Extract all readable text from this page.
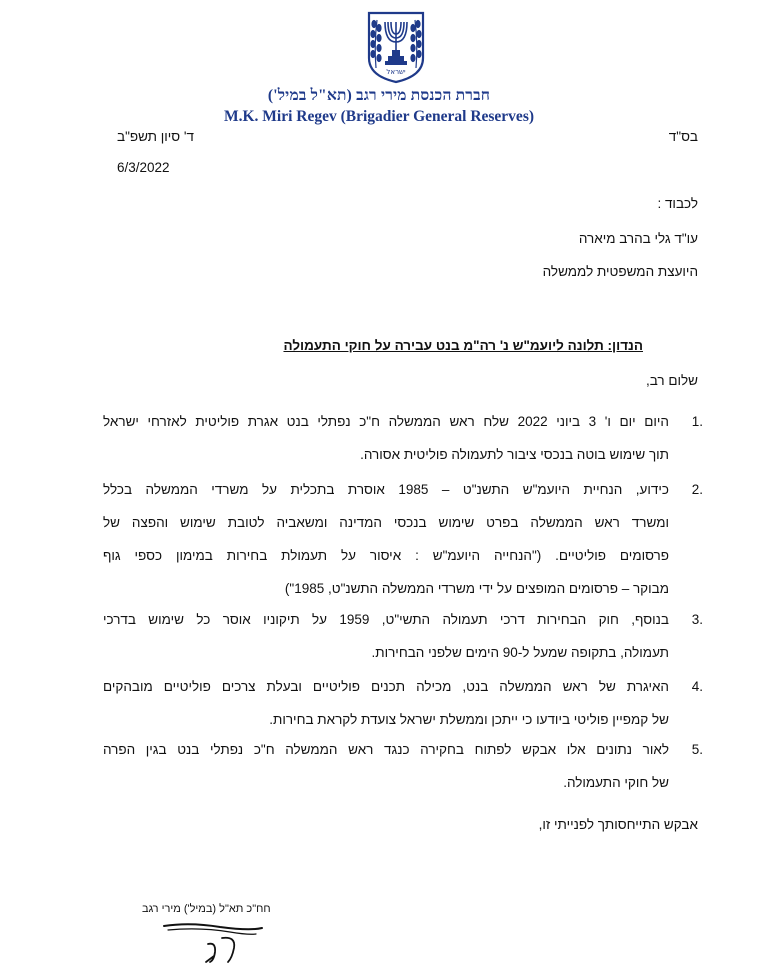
ישראל
חברת הכנסת מירי רגב (תא"ל במיל')
M.K. Miri Regev (Brigadier General Reserves)
בס"ד
ד' סיון תשפ"ב
6/3/2022
לכבוד :
עו"ד גלי בהרב מיארה
היועצת המשפטית לממשלה
הנדון: תלונה ליועמ"ש נ' רה"מ בנט עבירה על חוקי התעמולה
שלום רב,
1.
היום יום ו' 3 ביוני 2022 שלח ראש הממשלה ח"כ נפתלי בנט אגרת פוליטית לאזרחי ישראל
תוך שימוש בוטה בנכסי ציבור לתעמולה פוליטית אסורה.
2.
כידוע, הנחיית היועמ"ש התשנ"ט – 1985 אוסרת בתכלית על משרדי הממשלה בכלל
ומשרד ראש הממשלה בפרט שימוש בנכסי המדינה ומשאביה לטובת שימוש והפצה של
פרסומים פוליטיים. ("הנחייה היועמ"ש : איסור על תעמולת בחירות במימון כספי גוף
מבוקר – פרסומים המופצים על ידי משרדי הממשלה התשנ"ט, 1985")
3.
בנוסף, חוק הבחירות דרכי תעמולה התשי"ט, 1959 על תיקוניו אוסר כל שימוש בדרכי
תעמולה, בתקופה שמעל ל-90 הימים שלפני הבחירות.
4.
האיגרת של ראש הממשלה בנט, מכילה תכנים פוליטיים ובעלת צרכים פוליטיים מובהקים
של קמפיין פוליטי ביודעו כי ייתכן וממשלת ישראל צועדת לקראת בחירות.
5.
לאור נתונים אלו אבקש לפתוח בחקירה כנגד ראש הממשלה ח"כ נפתלי בנט בגין הפרה
של חוקי התעמולה.
אבקש התייחסותך לפנייתי זו,
חח"כ תא"ל (במיל') מירי רגב
